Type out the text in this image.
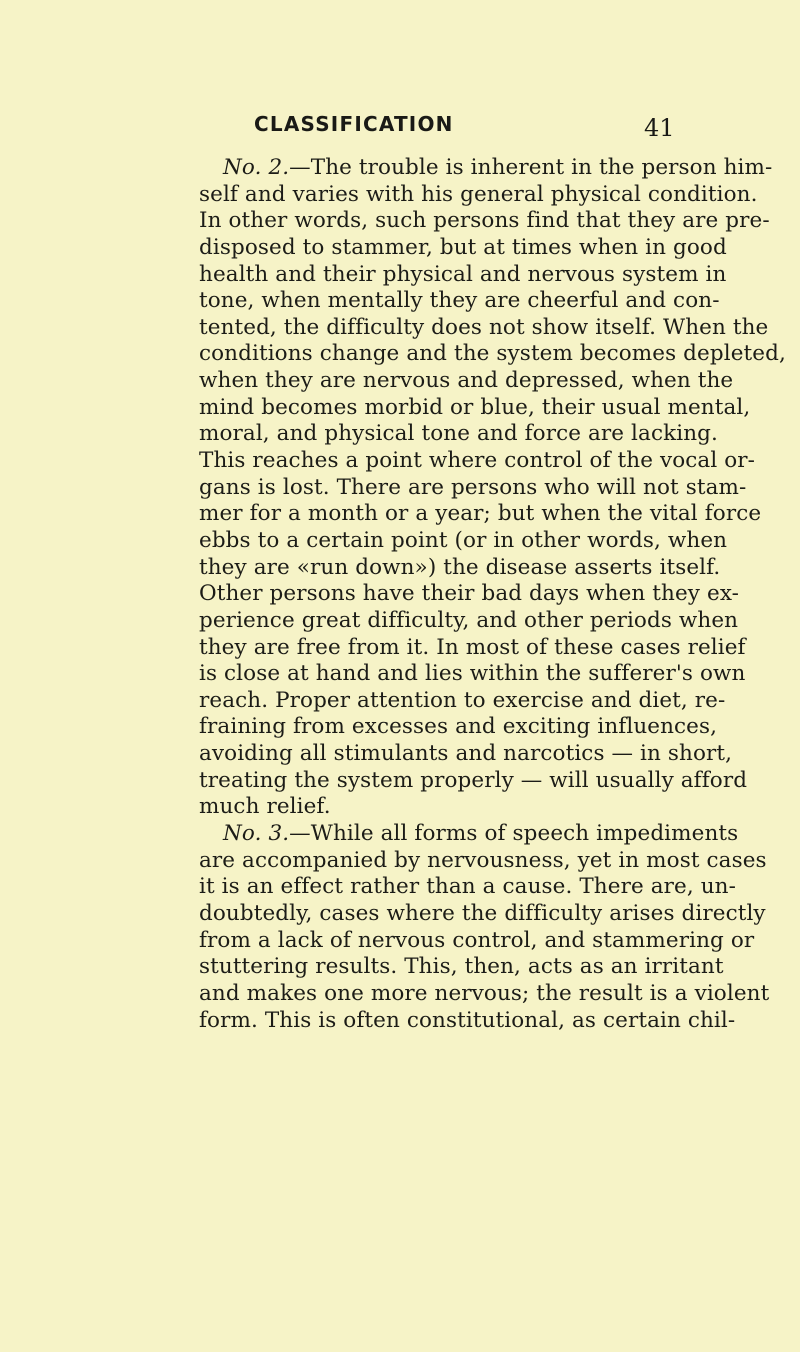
CLASSIFICATION	41
No. 2.—The trouble is inherent in the person him-
self and varies with his general physical condition.
In other words, such persons find that they are pre-
disposed to stammer, but at times when in good
health and their physical and nervous system in
tone, when mentally they are cheerful and con-
tented, the difficulty does not show itself. When the
conditions change and the system becomes depleted,
when they are nervous and depressed, when the
mind becomes morbid or blue, their usual mental,
moral, and physical tone and force are lacking.
This reaches a point where control of the vocal or-
gans is lost. There are persons who will not stam-
mer for a month or a year; but when the vital force
ebbs to a certain point (or in other words, when
they are «run down») the disease asserts itself.
Other persons have their bad days when they ex-
perience great difficulty, and other periods when
they are free from it. In most of these cases relief
is close at hand and lies within the sufferer's own
reach. Proper attention to exercise and diet, re-
fraining from excesses and exciting influences,
avoiding all stimulants and narcotics — in short,
treating the system properly — will usually afford
much relief.
No. 3.—While all forms of speech impediments
are accompanied by nervousness, yet in most cases
it is an effect rather than a cause. There are, un-
doubtedly, cases where the difficulty arises directly
from a lack of nervous control, and stammering or
stuttering results. This, then, acts as an irritant
and makes one more nervous; the result is a violent
form. This is often constitutional, as certain chil-
